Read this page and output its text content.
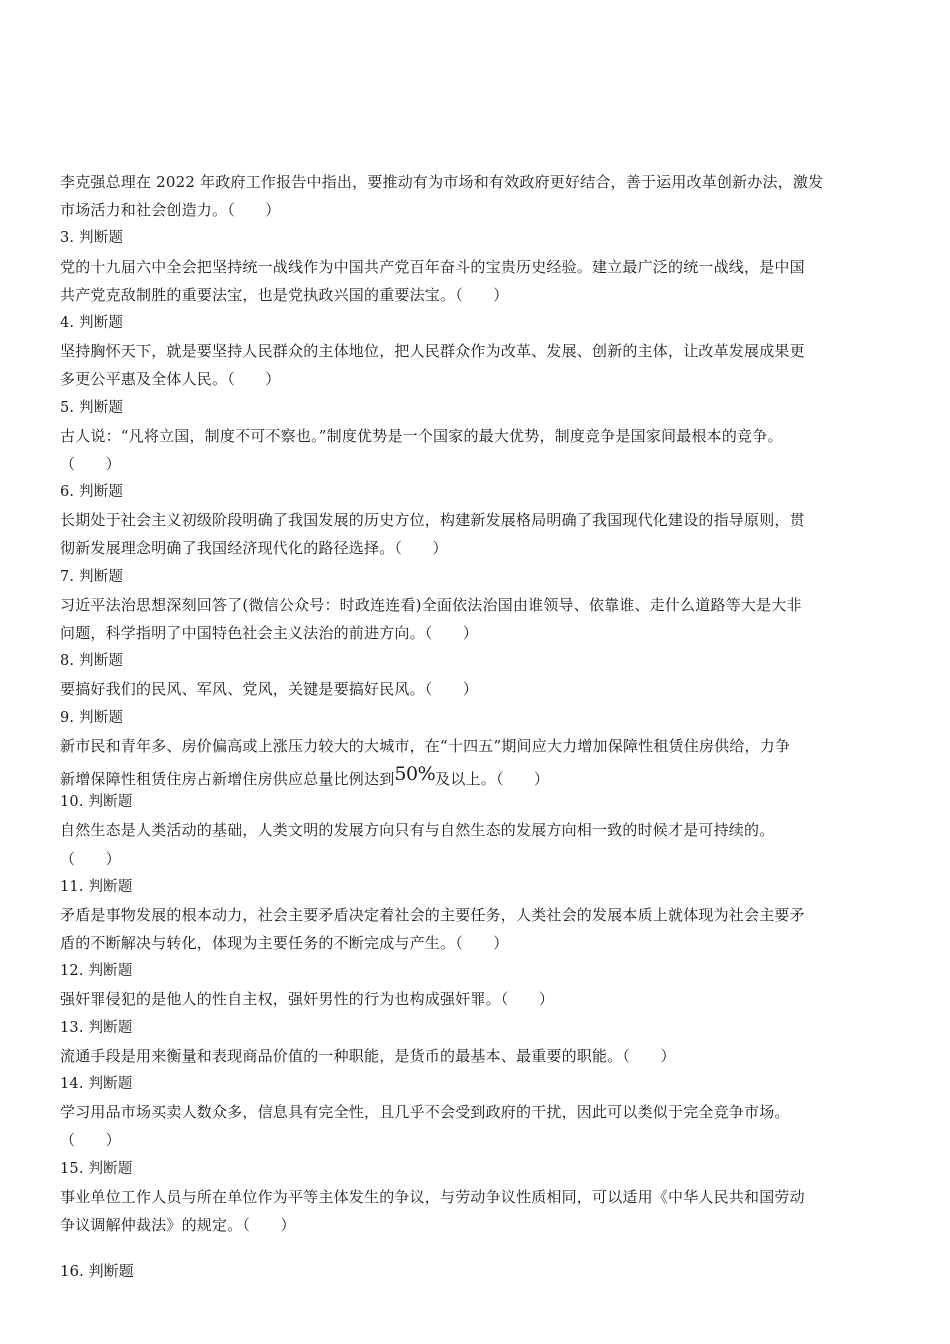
李克强总理在 2022 年政府工作报告中指出，要推动有为市场和有效政府更好结合，善于运用改革创新办法，激发
市场活力和社会创造力。（　　）
3. 判断题
党的十九届六中全会把坚持统一战线作为中国共产党百年奋斗的宝贵历史经验。建立最广泛的统一战线，是中国
共产党克敌制胜的重要法宝，也是党执政兴国的重要法宝。（　　）
4. 判断题
坚持胸怀天下，就是要坚持人民群众的主体地位，把人民群众作为改革、发展、创新的主体，让改革发展成果更
多更公平惠及全体人民。（　　）
5. 判断题
古人说：“凡将立国，制度不可不察也。”制度优势是一个国家的最大优势，制度竞争是国家间最根本的竞争。
（　　）
6. 判断题
长期处于社会主义初级阶段明确了我国发展的历史方位，构建新发展格局明确了我国现代化建设的指导原则，贯
彻新发展理念明确了我国经济现代化的路径选择。（　　）
7. 判断题
习近平法治思想深刻回答了(微信公众号：时政连连看)全面依法治国由谁领导、依靠谁、走什么道路等大是大非
问题，科学指明了中国特色社会主义法治的前进方向。（　　）
8. 判断题
要搞好我们的民风、军风、党风，关键是要搞好民风。（　　）
9. 判断题
新市民和青年多、房价偏高或上涨压力较大的大城市，在“十四五”期间应大力增加保障性租赁住房供给，力争
新增保障性租赁住房占新增住房供应总量比例达到50%及以上。（　　）
10. 判断题
自然生态是人类活动的基础，人类文明的发展方向只有与自然生态的发展方向相一致的时候才是可持续的。
（　　）
11. 判断题
矛盾是事物发展的根本动力，社会主要矛盾决定着社会的主要任务，人类社会的发展本质上就体现为社会主要矛
盾的不断解决与转化，体现为主要任务的不断完成与产生。（　　）
12. 判断题
强奸罪侵犯的是他人的性自主权，强奸男性的行为也构成强奸罪。（　　）
13. 判断题
流通手段是用来衡量和表现商品价值的一种职能，是货币的最基本、最重要的职能。（　　）
14. 判断题
学习用品市场买卖人数众多，信息具有完全性，且几乎不会受到政府的干扰，因此可以类似于完全竞争市场。
（　　）
15. 判断题
事业单位工作人员与所在单位作为平等主体发生的争议，与劳动争议性质相同，可以适用《中华人民共和国劳动
争议调解仲裁法》的规定。（　　）
16. 判断题
